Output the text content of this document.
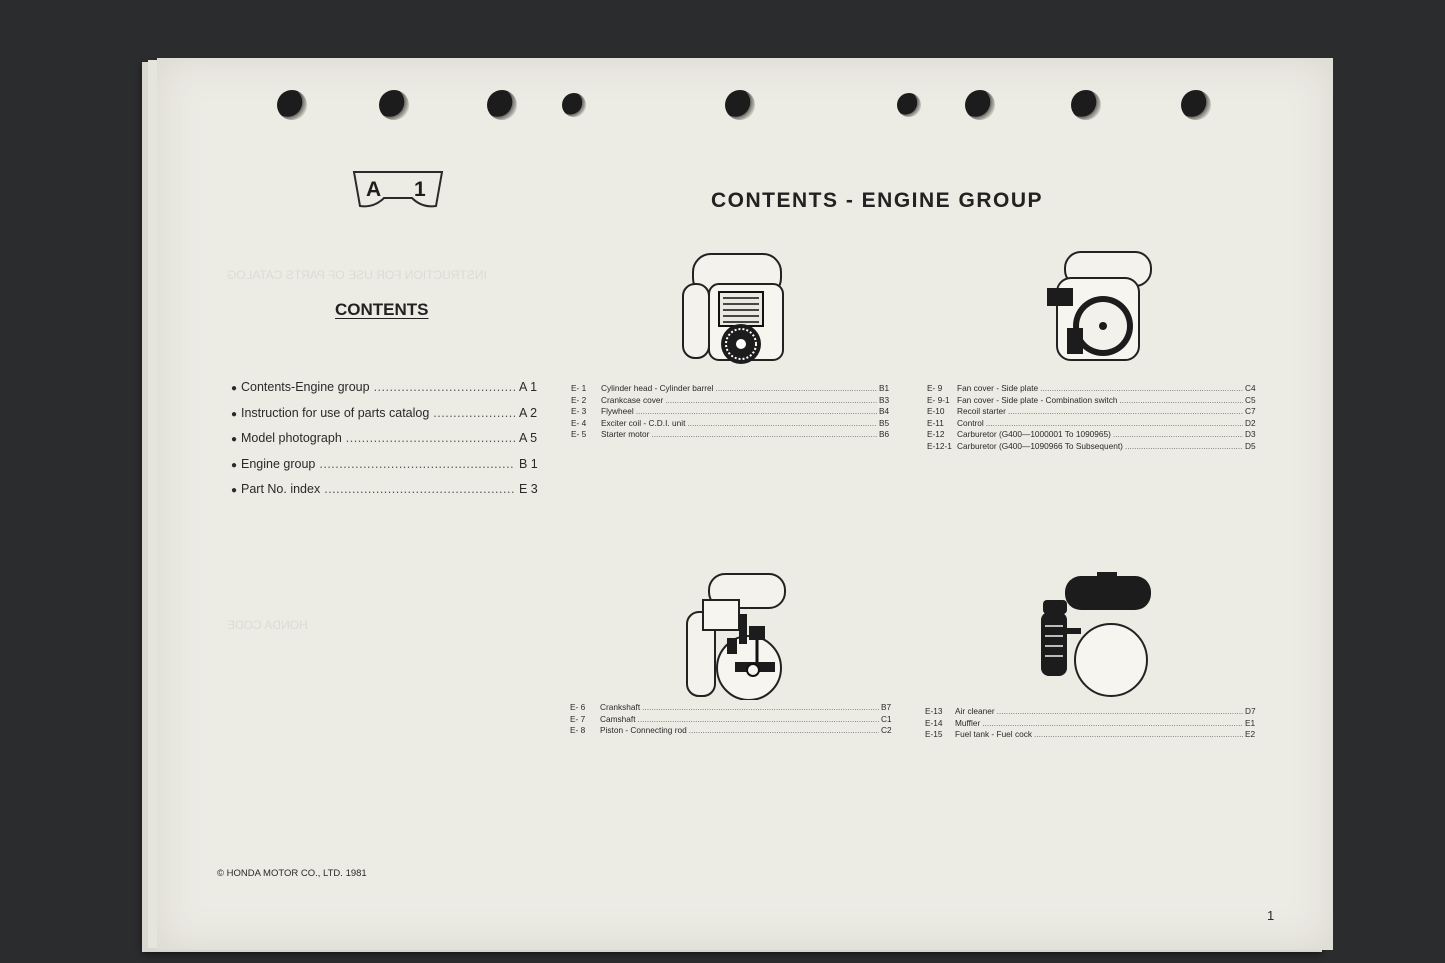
INSTRUCTION FOR USE OF PARTS CATALOG
HONDA CODE
A 1	CONTENTS - ENGINE GROUP
CONTENTS
● Contents-Engine group .....	A 1
● Instruction for use of parts catalog .....	A 2
● Model photograph .....	A 5
● Engine group .....	B 1
● Part No. index .....	E 3
E- 1	Cylinder head - Cylinder barrel .....	B1
E- 2	Crankcase cover .....	B3
E- 3	Flywheel .....	B4
E- 4	Exciter coil - C.D.I. unit .....	B5
E- 5	Starter motor .....	B6
E- 9	Fan cover - Side plate .....	C4
E- 9-1 Fan cover - Side plate - Combination switch .....	C5
E-10	Recoil starter .....	C7
E-11	Control .....	D2
E-12	Carburetor (G400—1000001 To 1090965) .....	D3
E-12-1 Carburetor (G400—1090966 To Subsequent) .....	D5
E- 6	Crankshaft .....	B7
E- 7	Camshaft .....	C1
E- 8	Piston - Connecting rod .....	C2
E-13	Air cleaner .....	D7
E-14	Muffler .....	E1
E-15	Fuel tank - Fuel cock .....	E2
© HONDA MOTOR CO., LTD. 1981
1
